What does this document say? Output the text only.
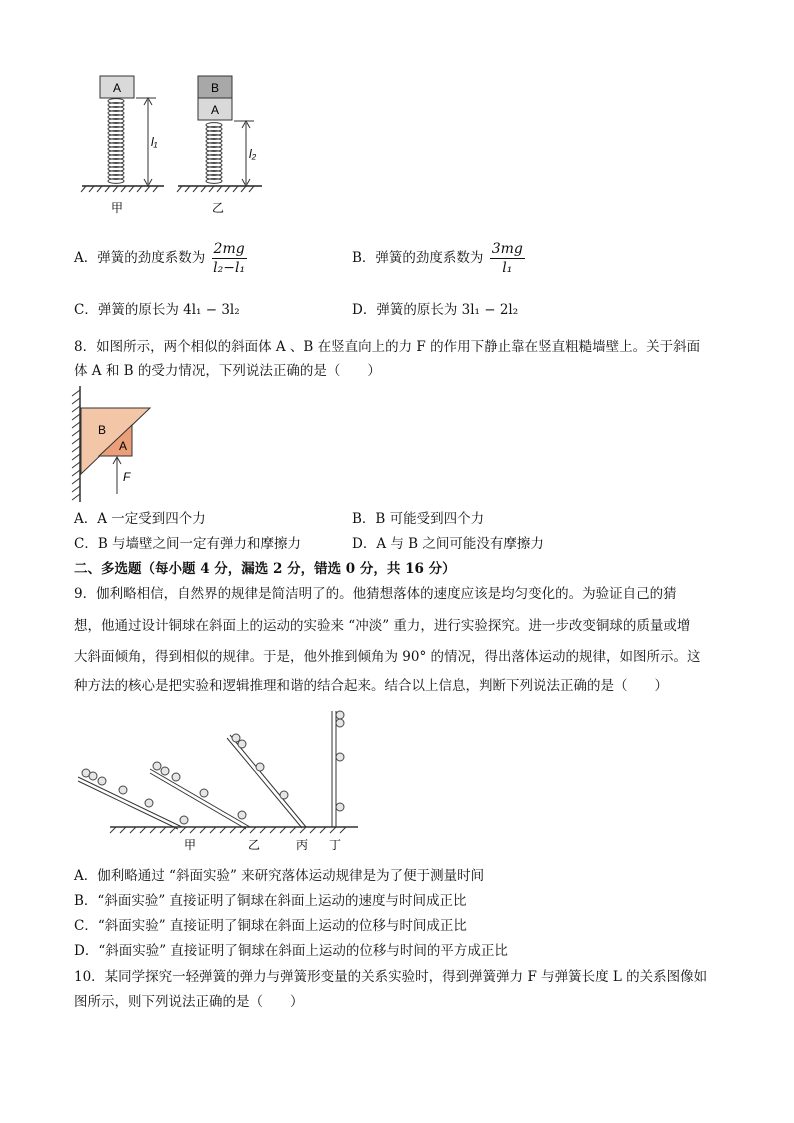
A
l₁
B
A
l₂
甲	乙
A．弹簧的劲度系数为 $\frac{2mg}{\text{l₂−l₁}}$	B．弹簧的劲度系数为 $\frac{3mg}{\text{l₁}}$
C．弹簧的原长为 4l₁ − 3l₂	D．弹簧的原长为 3l₁ − 2l₂
8．如图所示，两个相似的斜面体 A 、B 在竖直向上的力 F 的作用下静止靠在竖直粗糙墙壁上。关于斜面
体 A 和 B 的受力情况，下列说法正确的是（　　）
B
A
F
A．A 一定受到四个力	B．B 可能受到四个力
C．B 与墙壁之间一定有弹力和摩擦力	D．A 与 B 之间可能没有摩擦力
二、多选题（每小题 4 分，漏选 2 分，错选 0 分，共 16 分）
9．伽利略相信，自然界的规律是简洁明了的。他猜想落体的速度应该是均匀变化的。为验证自己的猜
想，他通过设计铜球在斜面上的运动的实验来 “冲淡” 重力，进行实验探究。进一步改变铜球的质量或增
大斜面倾角，得到相似的规律。于是，他外推到倾角为 90° 的情况，得出落体运动的规律，如图所示。这
种方法的核心是把实验和逻辑推理和谐的结合起来。结合以上信息，判断下列说法正确的是（　　）
甲	乙	丙 丁
A．伽利略通过 “斜面实验” 来研究落体运动规律是为了便于测量时间
B．“斜面实验” 直接证明了铜球在斜面上运动的速度与时间成正比
C．“斜面实验” 直接证明了铜球在斜面上运动的位移与时间成正比
D．“斜面实验” 直接证明了铜球在斜面上运动的位移与时间的平方成正比
10．某同学探究一轻弹簧的弹力与弹簧形变量的关系实验时，得到弹簧弹力 F 与弹簧长度 L 的关系图像如
图所示，则下列说法正确的是（　　）
